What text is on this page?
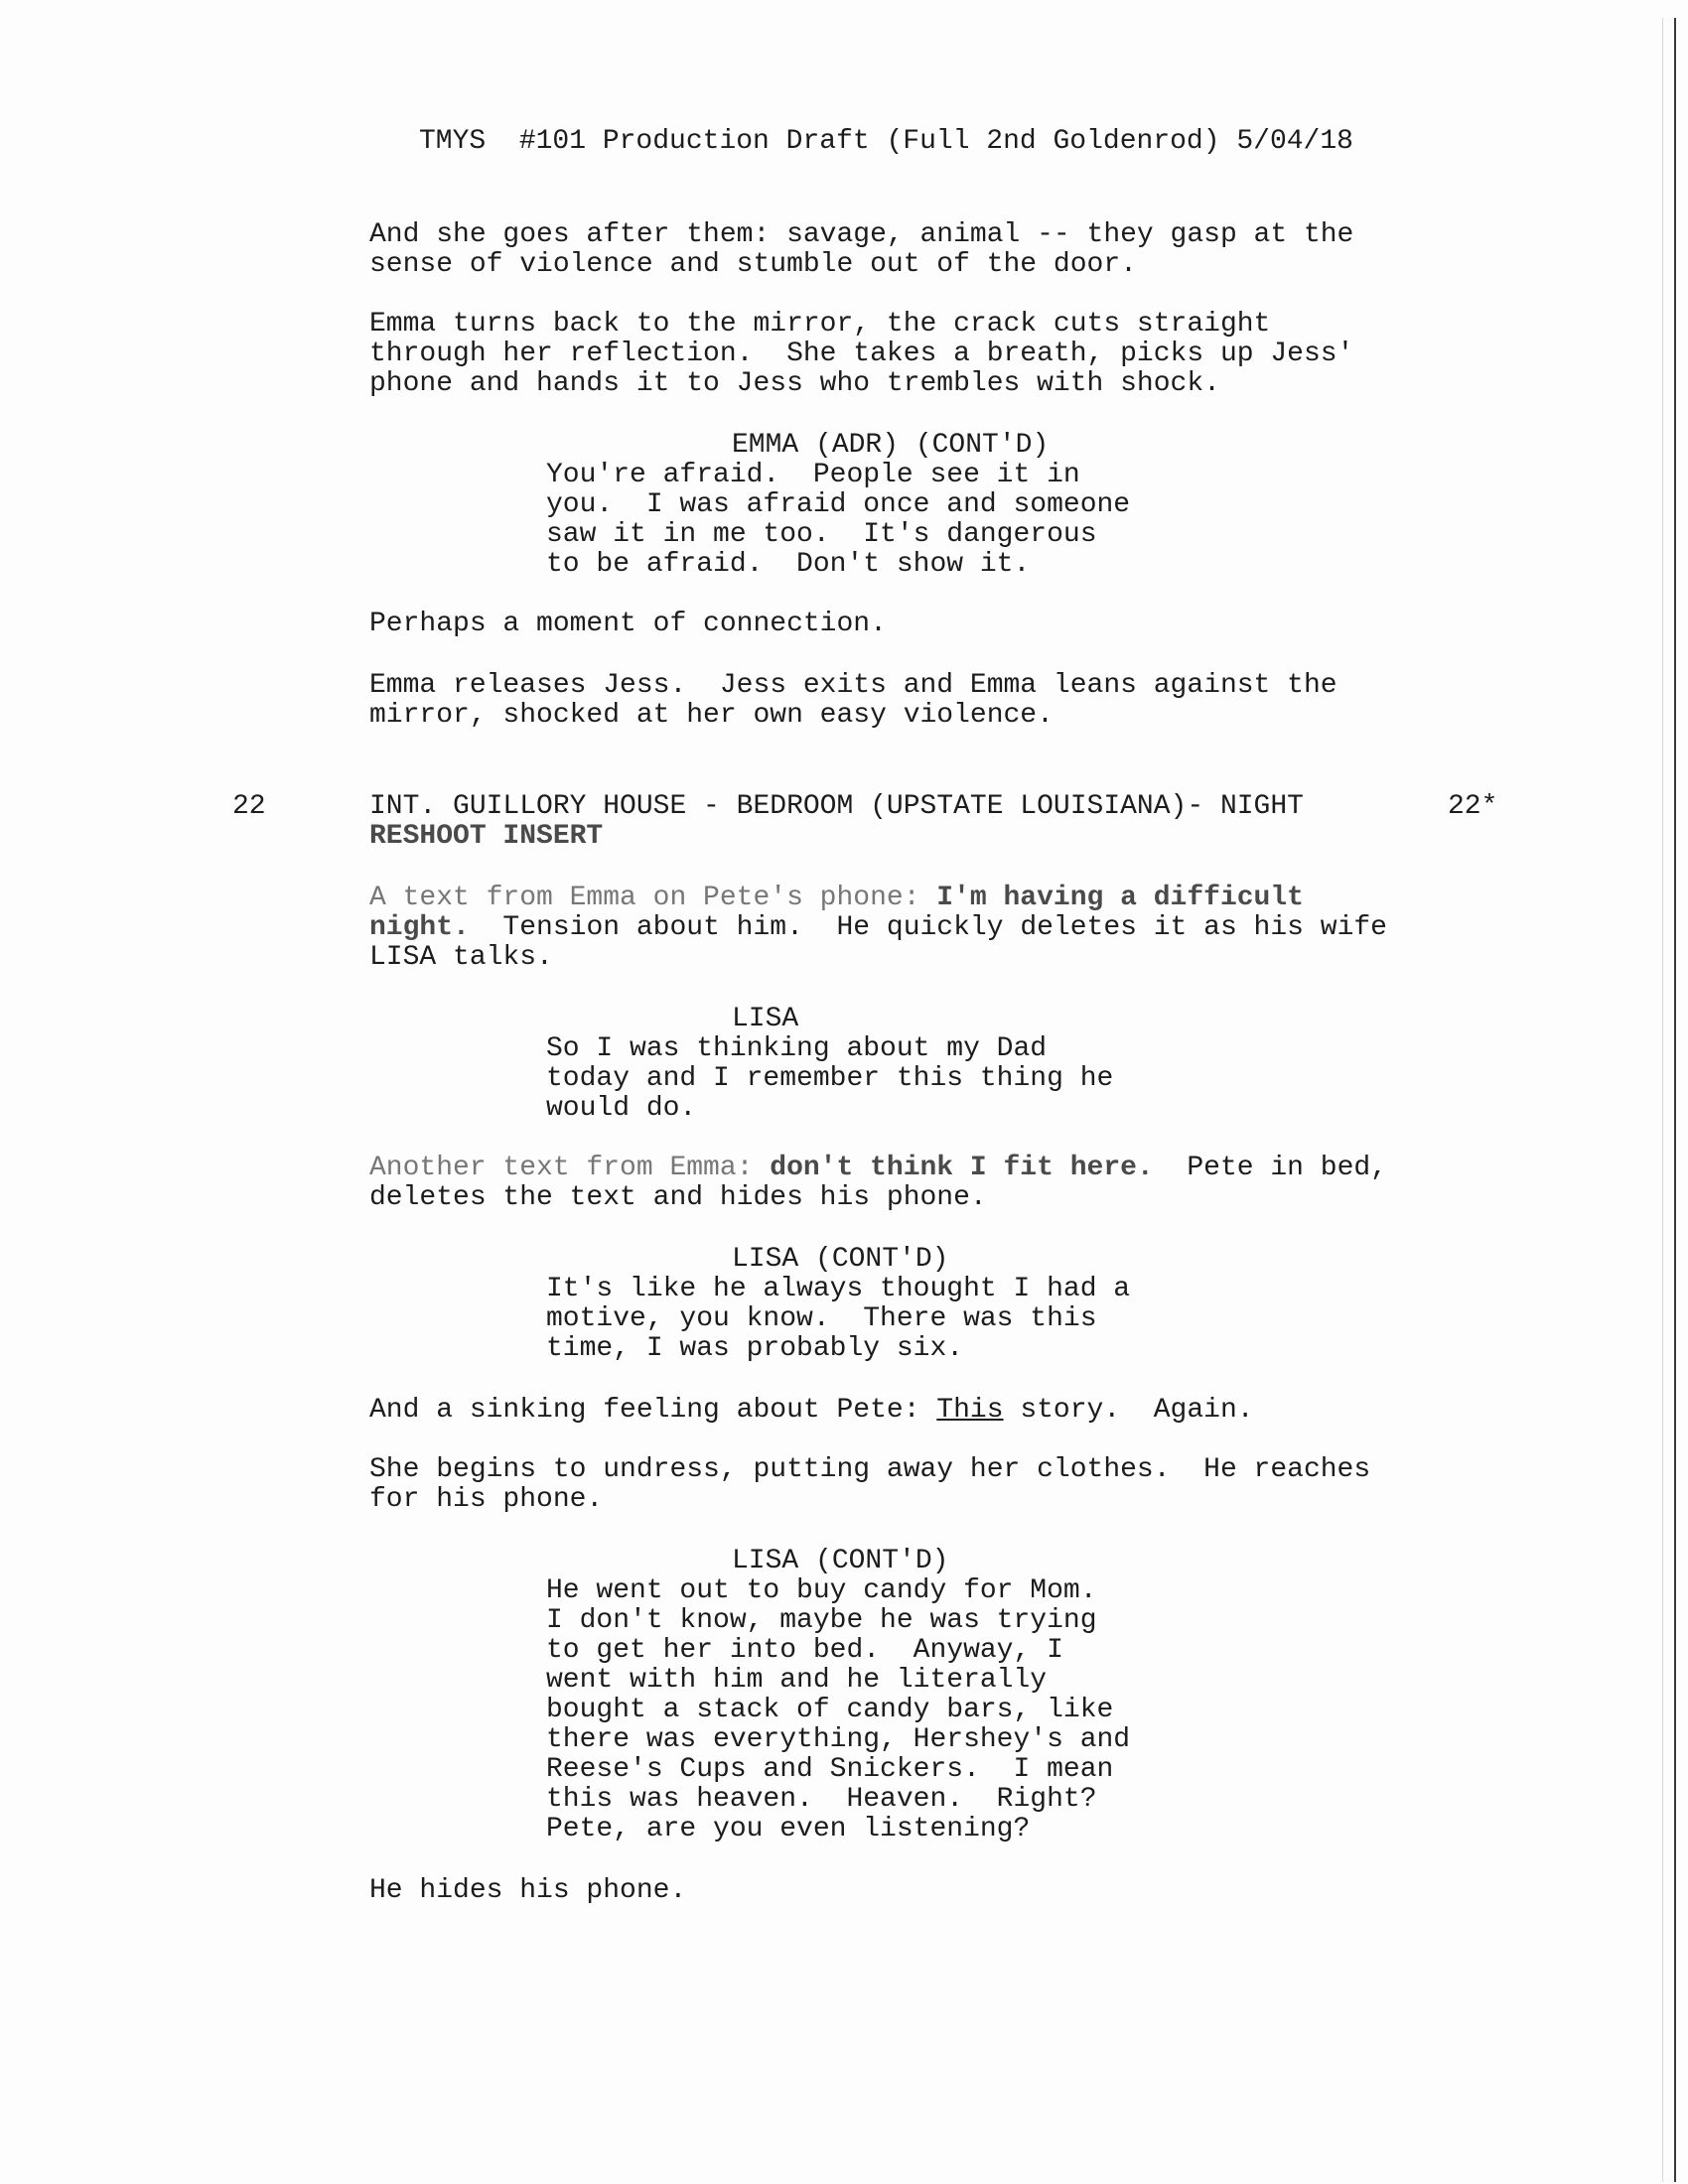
TMYS  #101 Production Draft (Full 2nd Goldenrod) 5/04/18
And she goes after them: savage, animal -- they gasp at the
sense of violence and stumble out of the door.
Emma turns back to the mirror, the crack cuts straight
through her reflection.  She takes a breath, picks up Jess'
phone and hands it to Jess who trembles with shock.
EMMA (ADR) (CONT'D)
You're afraid.  People see it in
you.  I was afraid once and someone
saw it in me too.  It's dangerous
to be afraid.  Don't show it.
Perhaps a moment of connection.
Emma releases Jess.  Jess exits and Emma leans against the
mirror, shocked at her own easy violence.
22	INT. GUILLORY HOUSE - BEDROOM (UPSTATE LOUISIANA)- NIGHT	22*
RESHOOT INSERT
A text from Emma on Pete's phone: I'm having a difficult
night.  Tension about him.  He quickly deletes it as his wife
LISA talks.
LISA
So I was thinking about my Dad
today and I remember this thing he
would do.
Another text from Emma: don't think I fit here.  Pete in bed,
deletes the text and hides his phone.
LISA (CONT'D)
It's like he always thought I had a
motive, you know.  There was this
time, I was probably six.
And a sinking feeling about Pete: This story.  Again.
She begins to undress, putting away her clothes.  He reaches
for his phone.
LISA (CONT'D)
He went out to buy candy for Mom.
I don't know, maybe he was trying
to get her into bed.  Anyway, I
went with him and he literally
bought a stack of candy bars, like
there was everything, Hershey's and
Reese's Cups and Snickers.  I mean
this was heaven.  Heaven.  Right?
Pete, are you even listening?
He hides his phone.
